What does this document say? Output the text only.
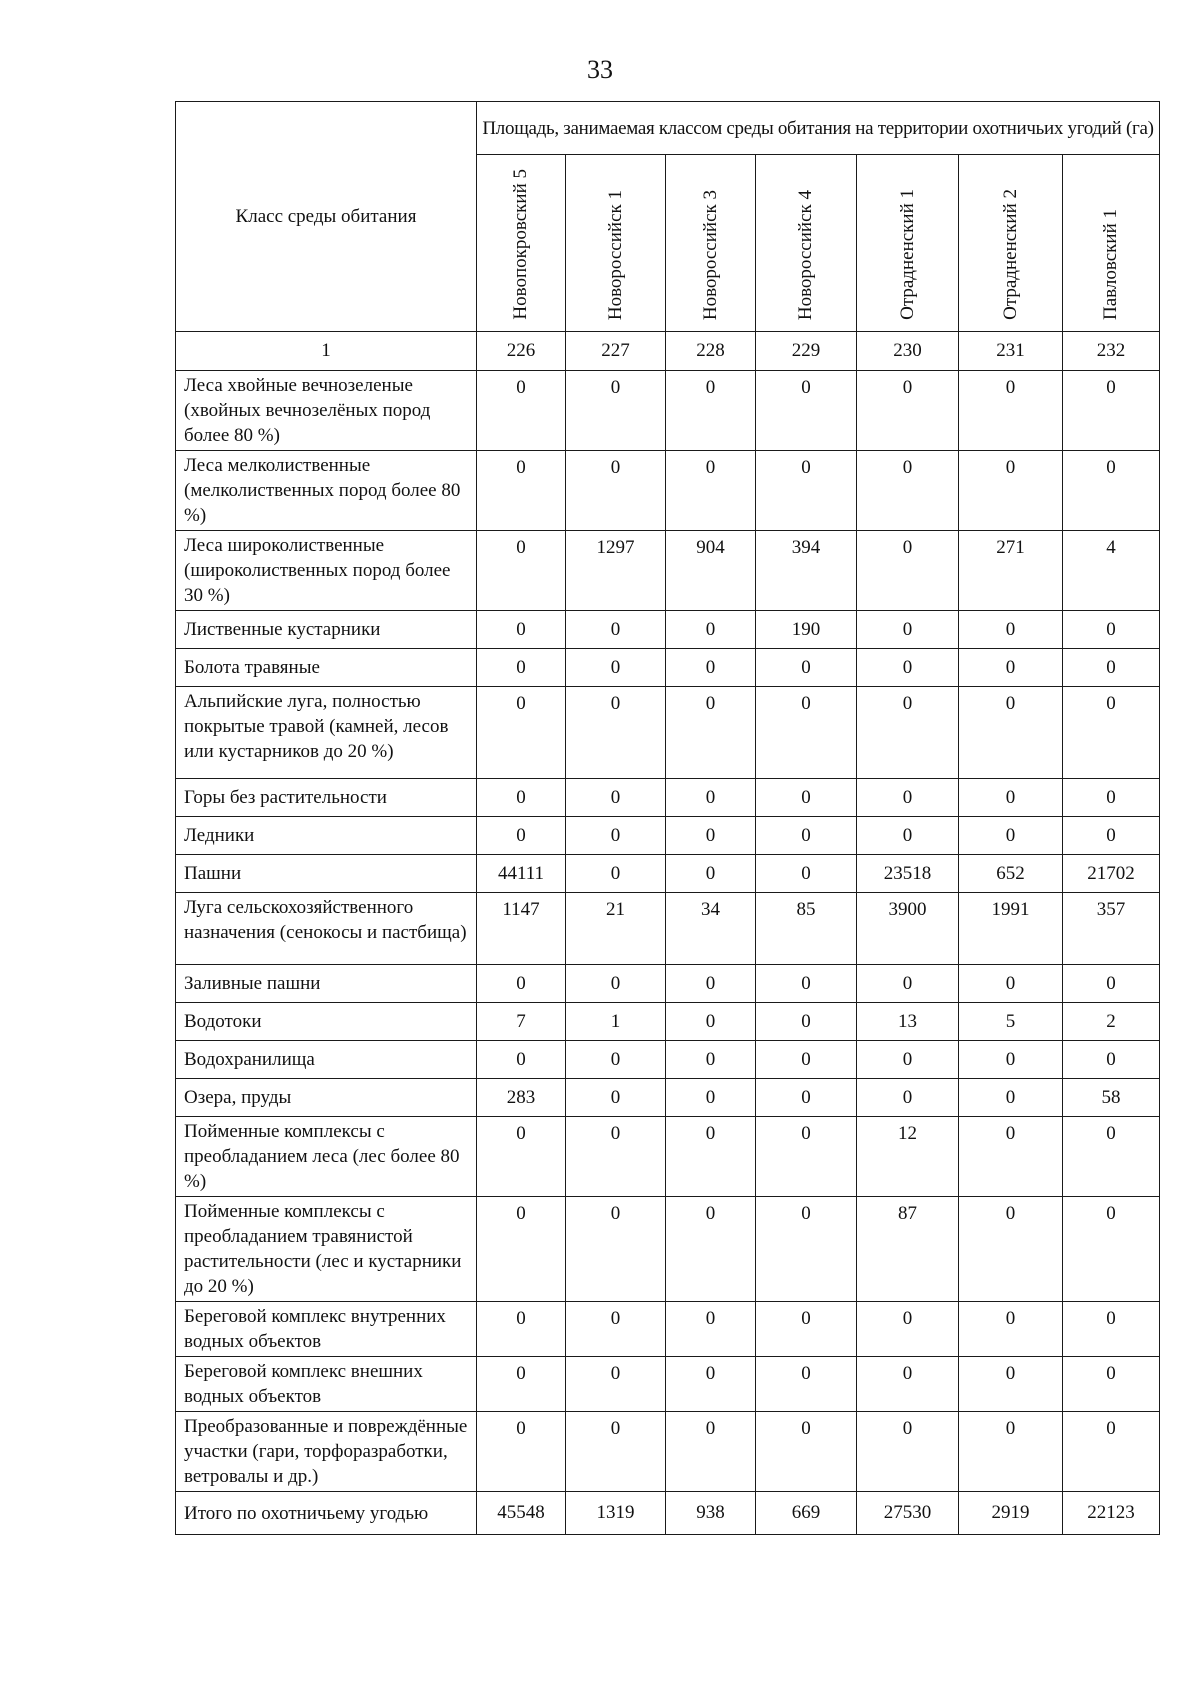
33
Класс среды обитания	Площадь, занимаемая классом среды обитания на территории охотничьих угодий (га)						
	Новопокровский 5	Новороссийск 1	Новороссийск 3	Новороссийск 4	Отрадненский 1	Отрадненский 2	Павловский 1
1	226	227	228	229	230	231	232
Леса хвойные вечнозеленые (хвойных вечнозелёных пород более 80 %)	0	0	0	0	0	0	0
Леса мелколиственные (мелколиственных пород более 80 %)	0	0	0	0	0	0	0
Леса широколиственные (широколиственных пород более 30 %)	0	1297	904	394	0	271	4
Лиственные кустарники	0	0	0	190	0	0	0
Болота травяные	0	0	0	0	0	0	0
Альпийские луга, полностью покрытые травой (камней, лесов или кустарников до 20 %)	0	0	0	0	0	0	0
Горы без растительности	0	0	0	0	0	0	0
Ледники	0	0	0	0	0	0	0
Пашни	44111	0	0	0	23518	652	21702
Луга сельскохозяйственного назначения (сенокосы и пастбища)	1147	21	34	85	3900	1991	357
Заливные пашни	0	0	0	0	0	0	0
Водотоки	7	1	0	0	13	5	2
Водохранилища	0	0	0	0	0	0	0
Озера, пруды	283	0	0	0	0	0	58
Пойменные комплексы с преобладанием леса (лес более 80 %)	0	0	0	0	12	0	0
Пойменные комплексы с преобладанием травянистой растительности (лес и кустарники до 20 %)	0	0	0	0	87	0	0
Береговой комплекс внутренних водных объектов	0	0	0	0	0	0	0
Береговой комплекс внешних водных объектов	0	0	0	0	0	0	0
Преобразованные и повреждённые участки (гари, торфоразработки, ветровалы и др.)	0	0	0	0	0	0	0
Итого по охотничьему угодью	45548	1319	938	669	27530	2919	22123
